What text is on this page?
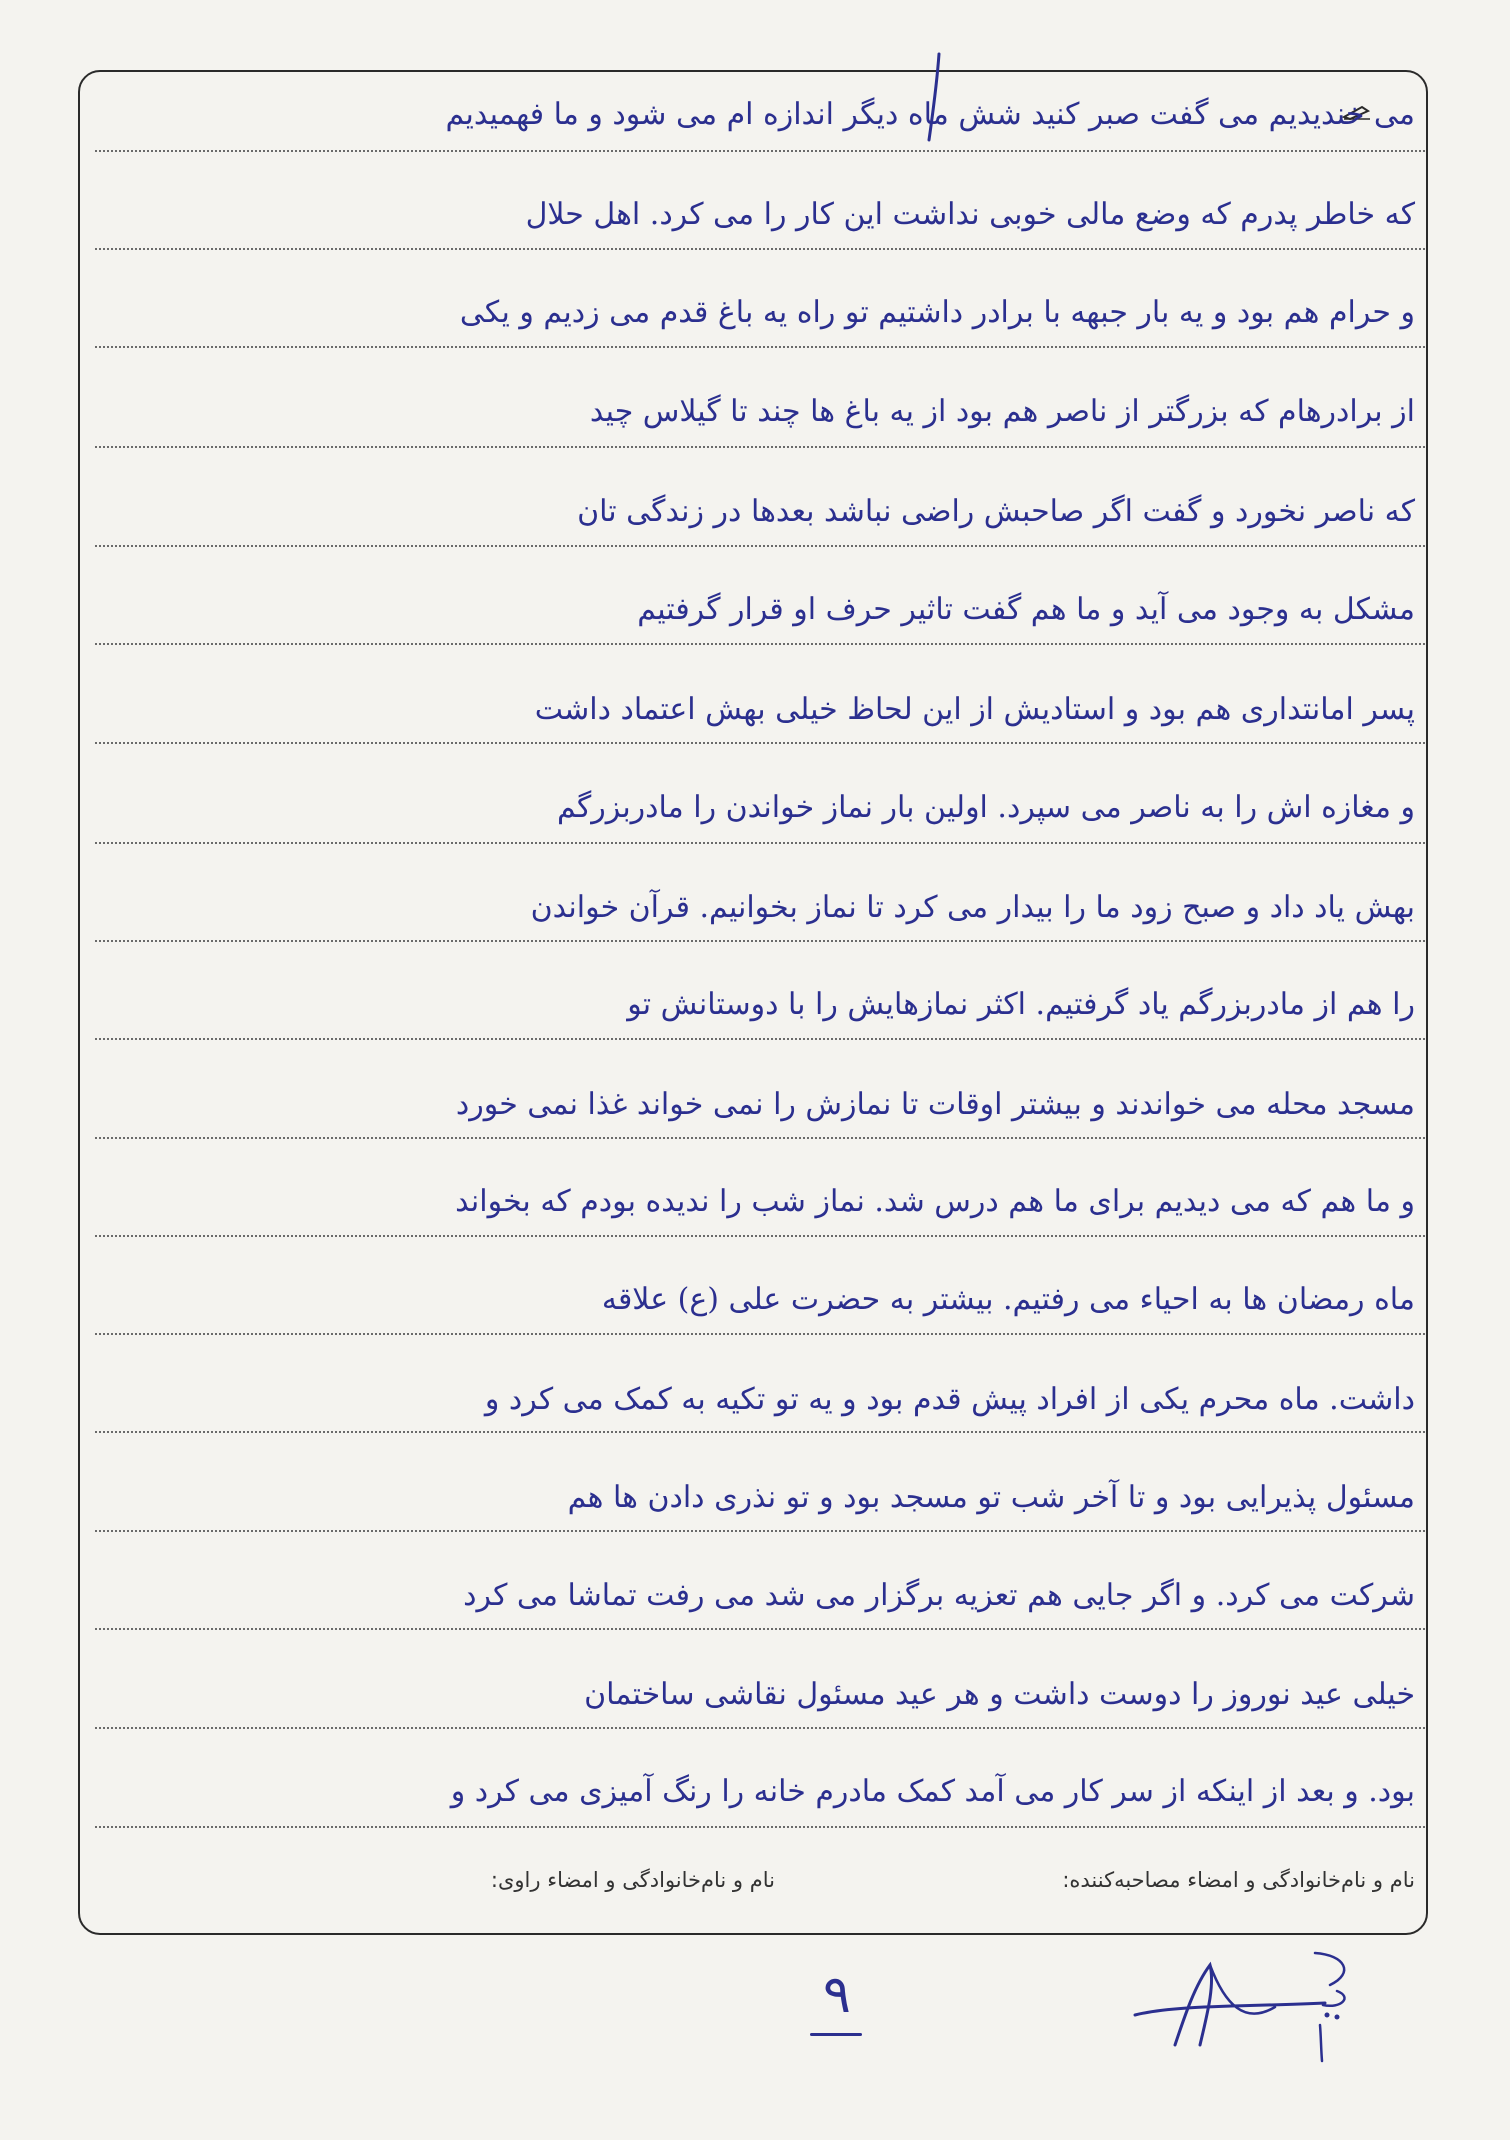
می خندیدیم می گفت صبر کنید شش ماه دیگر اندازه ام می شود و ما فهمیدیم
که خاطر پدرم که وضع مالی خوبی نداشت این کار را می کرد. اهل حلال
و حرام هم بود و یه بار جبهه با برادر داشتیم تو راه یه باغ قدم می زدیم و یکی
از برادرهام که بزرگتر از ناصر هم بود از یه باغ ها چند تا گیلاس چید
که ناصر نخورد و گفت اگر صاحبش راضی نباشد بعدها در زندگی تان
مشکل به وجود می آید و ما هم گفت تاثیر حرف او قرار گرفتیم
پسر امانتداری هم بود و استادیش از این لحاظ خیلی بهش اعتماد داشت
و مغازه اش را به ناصر می سپرد. اولین بار نماز خواندن را مادربزرگم
بهش یاد داد و صبح زود ما را بیدار می کرد تا نماز بخوانیم. قرآن خواندن
را هم از مادربزرگم یاد گرفتیم. اکثر نمازهایش را با دوستانش تو
مسجد محله می خواندند و بیشتر اوقات تا نمازش را نمی خواند غذا نمی خورد
و ما هم که می دیدیم برای ما هم درس شد. نماز شب را ندیده بودم که بخواند
ماه رمضان ها به احیاء می رفتیم. بیشتر به حضرت علی (ع) علاقه
داشت. ماه محرم یکی از افراد پیش قدم بود و یه تو تکیه به کمک می کرد و
مسئول پذیرایی بود و تا آخر شب تو مسجد بود و تو نذری دادن ها هم
شرکت می کرد. و اگر جایی هم تعزیه برگزار می شد می رفت تماشا می کرد
خیلی عید نوروز را دوست داشت و هر عید مسئول نقاشی ساختمان
بود. و بعد از اینکه از سر کار می آمد کمک مادرم خانه را رنگ آمیزی می کرد و
نام و نام‌خانوادگی و امضاء مصاحبه‌کننده:
نام و نام‌خانوادگی و امضاء راوی:
٩
